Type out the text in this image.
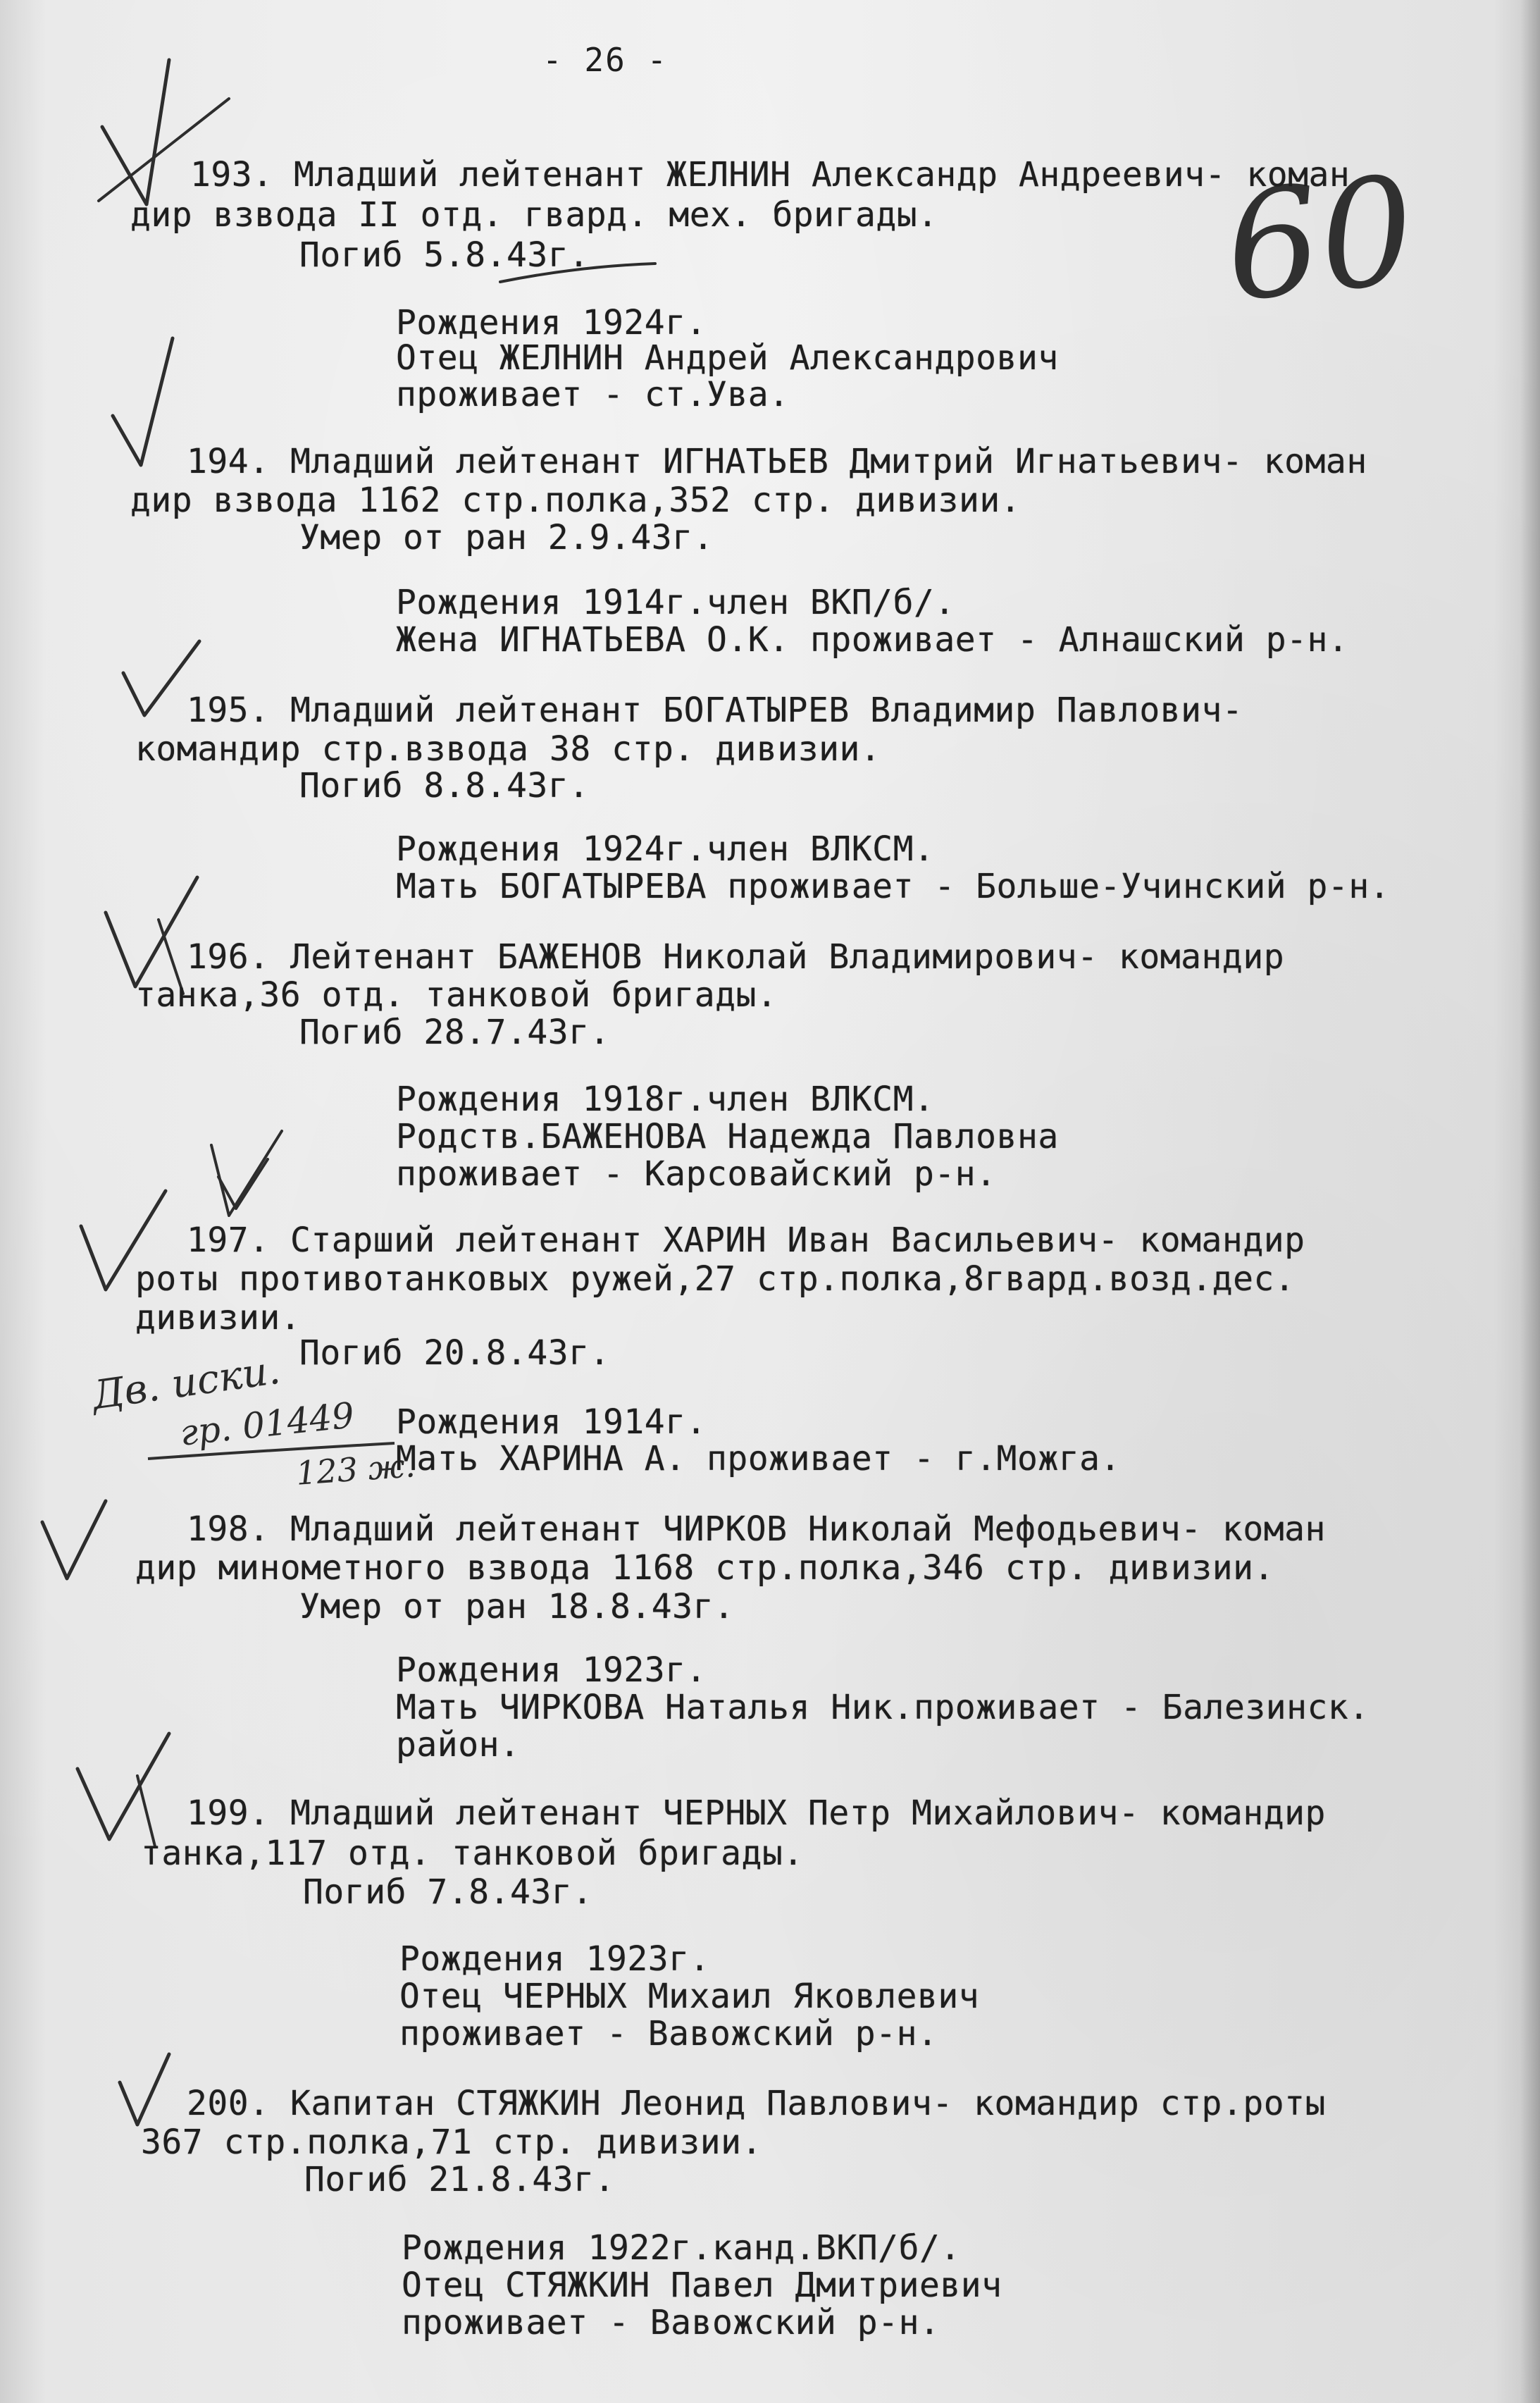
- 26 -
60
Дв. иски.
гр. 01449
123 ж.
193. Младший лейтенант ЖЕЛНИН Александр Андреевич- коман
дир взвода II отд. гвард. мех. бригады.
Погиб 5.8.43г.
Рождения 1924г.
Отец ЖЕЛНИН Андрей Александрович
проживает - ст.Ува.
194. Младший лейтенант ИГНАТЬЕВ Дмитрий Игнатьевич- коман
дир взвода 1162 стр.полка,352 стр. дивизии.
Умер от ран 2.9.43г.
Рождения 1914г.член ВКП/б/.
Жена ИГНАТЬЕВА О.К. проживает - Алнашский р-н.
195. Младший лейтенант БОГАТЫРЕВ Владимир Павлович-
командир стр.взвода 38 стр. дивизии.
Погиб 8.8.43г.
Рождения 1924г.член ВЛКСМ.
Мать БОГАТЫРЕВА проживает - Больше-Учинский р-н.
196. Лейтенант БАЖЕНОВ Николай Владимирович- командир
танка,36 отд. танковой бригады.
Погиб 28.7.43г.
Рождения 1918г.член ВЛКСМ.
Родств.БАЖЕНОВА Надежда Павловна
проживает - Карсовайский р-н.
197. Старший лейтенант ХАРИН Иван Васильевич- командир
роты противотанковых ружей,27 стр.полка,8гвард.возд.дес.
дивизии.
Погиб 20.8.43г.
Рождения 1914г.
Мать ХАРИНА А. проживает - г.Можга.
198. Младший лейтенант ЧИРКОВ Николай Мефодьевич- коман
дир минометного взвода 1168 стр.полка,346 стр. дивизии.
Умер от ран 18.8.43г.
Рождения 1923г.
Мать ЧИРКОВА Наталья Ник.проживает - Балезинск.
район.
199. Младший лейтенант ЧЕРНЫХ Петр Михайлович- командир
танка,117 отд. танковой бригады.
Погиб 7.8.43г.
Рождения 1923г.
Отец ЧЕРНЫХ Михаил Яковлевич
проживает - Вавожский р-н.
200. Капитан СТЯЖКИН Леонид Павлович- командир стр.роты
367 стр.полка,71 стр. дивизии.
Погиб 21.8.43г.
Рождения 1922г.канд.ВКП/б/.
Отец СТЯЖКИН Павел Дмитриевич
проживает - Вавожский р-н.
